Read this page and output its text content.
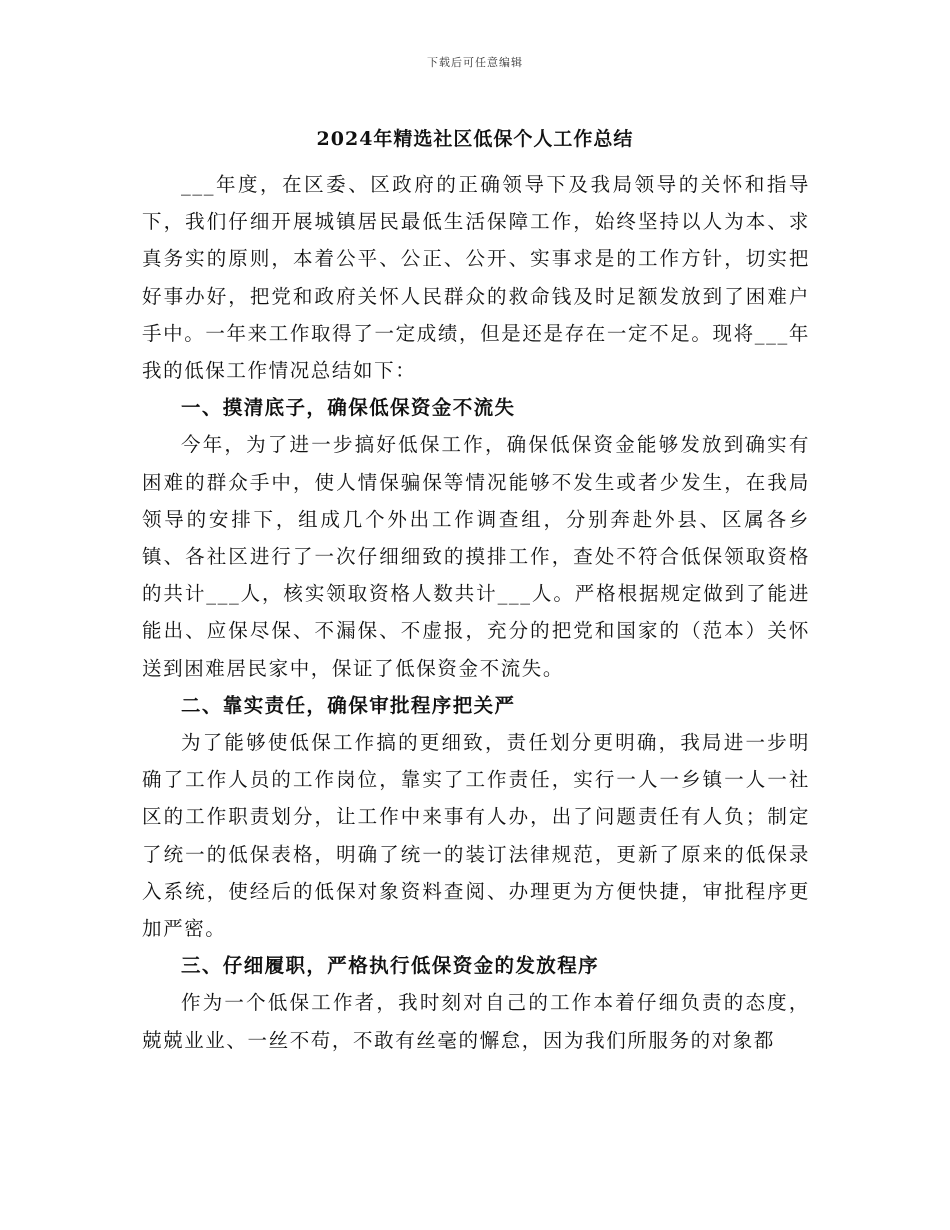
下载后可任意编辑
2024年精选社区低保个人工作总结

___年度，在区委、区政府的正确领导下及我局领导的关怀和指导下，我们仔细开展城镇居民最低生活保障工作，始终坚持以人为本、求真务实的原则，本着公平、公正、公开、实事求是的工作方针，切实把好事办好，把党和政府关怀人民群众的救命钱及时足额发放到了困难户手中。一年来工作取得了一定成绩，但是还是存在一定不足。现将___年我的低保工作情况总结如下：

一、摸清底子，确保低保资金不流失

今年，为了进一步搞好低保工作，确保低保资金能够发放到确实有困难的群众手中，使人情保骗保等情况能够不发生或者少发生，在我局领导的安排下，组成几个外出工作调查组，分别奔赴外县、区属各乡镇、各社区进行了一次仔细细致的摸排工作，查处不符合低保领取资格的共计___人，核实领取资格人数共计___人。严格根据规定做到了能进能出、应保尽保、不漏保、不虚报，充分的把党和国家的（范本）关怀送到困难居民家中，保证了低保资金不流失。

二、靠实责任，确保审批程序把关严

为了能够使低保工作搞的更细致，责任划分更明确，我局进一步明确了工作人员的工作岗位，靠实了工作责任，实行一人一乡镇一人一社区的工作职责划分，让工作中来事有人办，出了问题责任有人负；制定了统一的低保表格，明确了统一的装订法律规范，更新了原来的低保录入系统，使经后的低保对象资料查阅、办理更为方便快捷，审批程序更加严密。

三、仔细履职，严格执行低保资金的发放程序

作为一个低保工作者，我时刻对自己的工作本着仔细负责的态度，兢兢业业、一丝不苟，不敢有丝毫的懈怠，因为我们所服务的对象都
